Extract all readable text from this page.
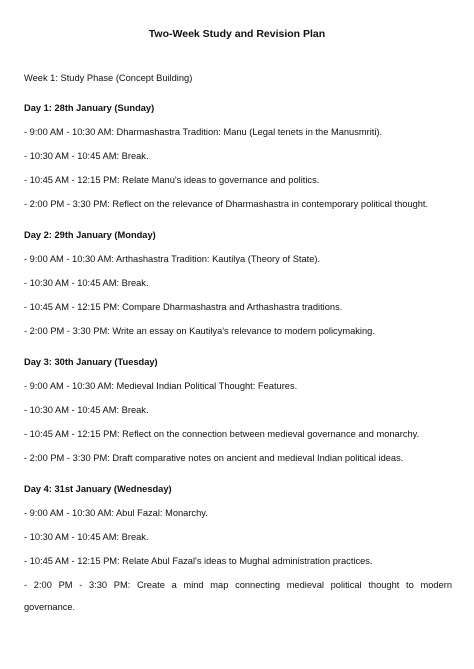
Two-Week Study and Revision Plan

Week 1: Study Phase (Concept Building)

Day 1: 28th January (Sunday)

- 9:00 AM - 10:30 AM: Dharmashastra Tradition: Manu (Legal tenets in the Manusmriti).

- 10:30 AM - 10:45 AM: Break.

- 10:45 AM - 12:15 PM: Relate Manu's ideas to governance and politics.

- 2:00 PM - 3:30 PM: Reflect on the relevance of Dharmashastra in contemporary political thought.

Day 2: 29th January (Monday)

- 9:00 AM - 10:30 AM: Arthashastra Tradition: Kautilya (Theory of State).

- 10:30 AM - 10:45 AM: Break.

- 10:45 AM - 12:15 PM: Compare Dharmashastra and Arthashastra traditions.

- 2:00 PM - 3:30 PM: Write an essay on Kautilya's relevance to modern policymaking.

Day 3: 30th January (Tuesday)

- 9:00 AM - 10:30 AM: Medieval Indian Political Thought: Features.

- 10:30 AM - 10:45 AM: Break.

- 10:45 AM - 12:15 PM: Reflect on the connection between medieval governance and monarchy.

- 2:00 PM - 3:30 PM: Draft comparative notes on ancient and medieval Indian political ideas.

Day 4: 31st January (Wednesday)

- 9:00 AM - 10:30 AM: Abul Fazal: Monarchy.

- 10:30 AM - 10:45 AM: Break.

- 10:45 AM - 12:15 PM: Relate Abul Fazal's ideas to Mughal administration practices.

- 2:00 PM - 3:30 PM: Create a mind map connecting medieval political thought to modern governance.
